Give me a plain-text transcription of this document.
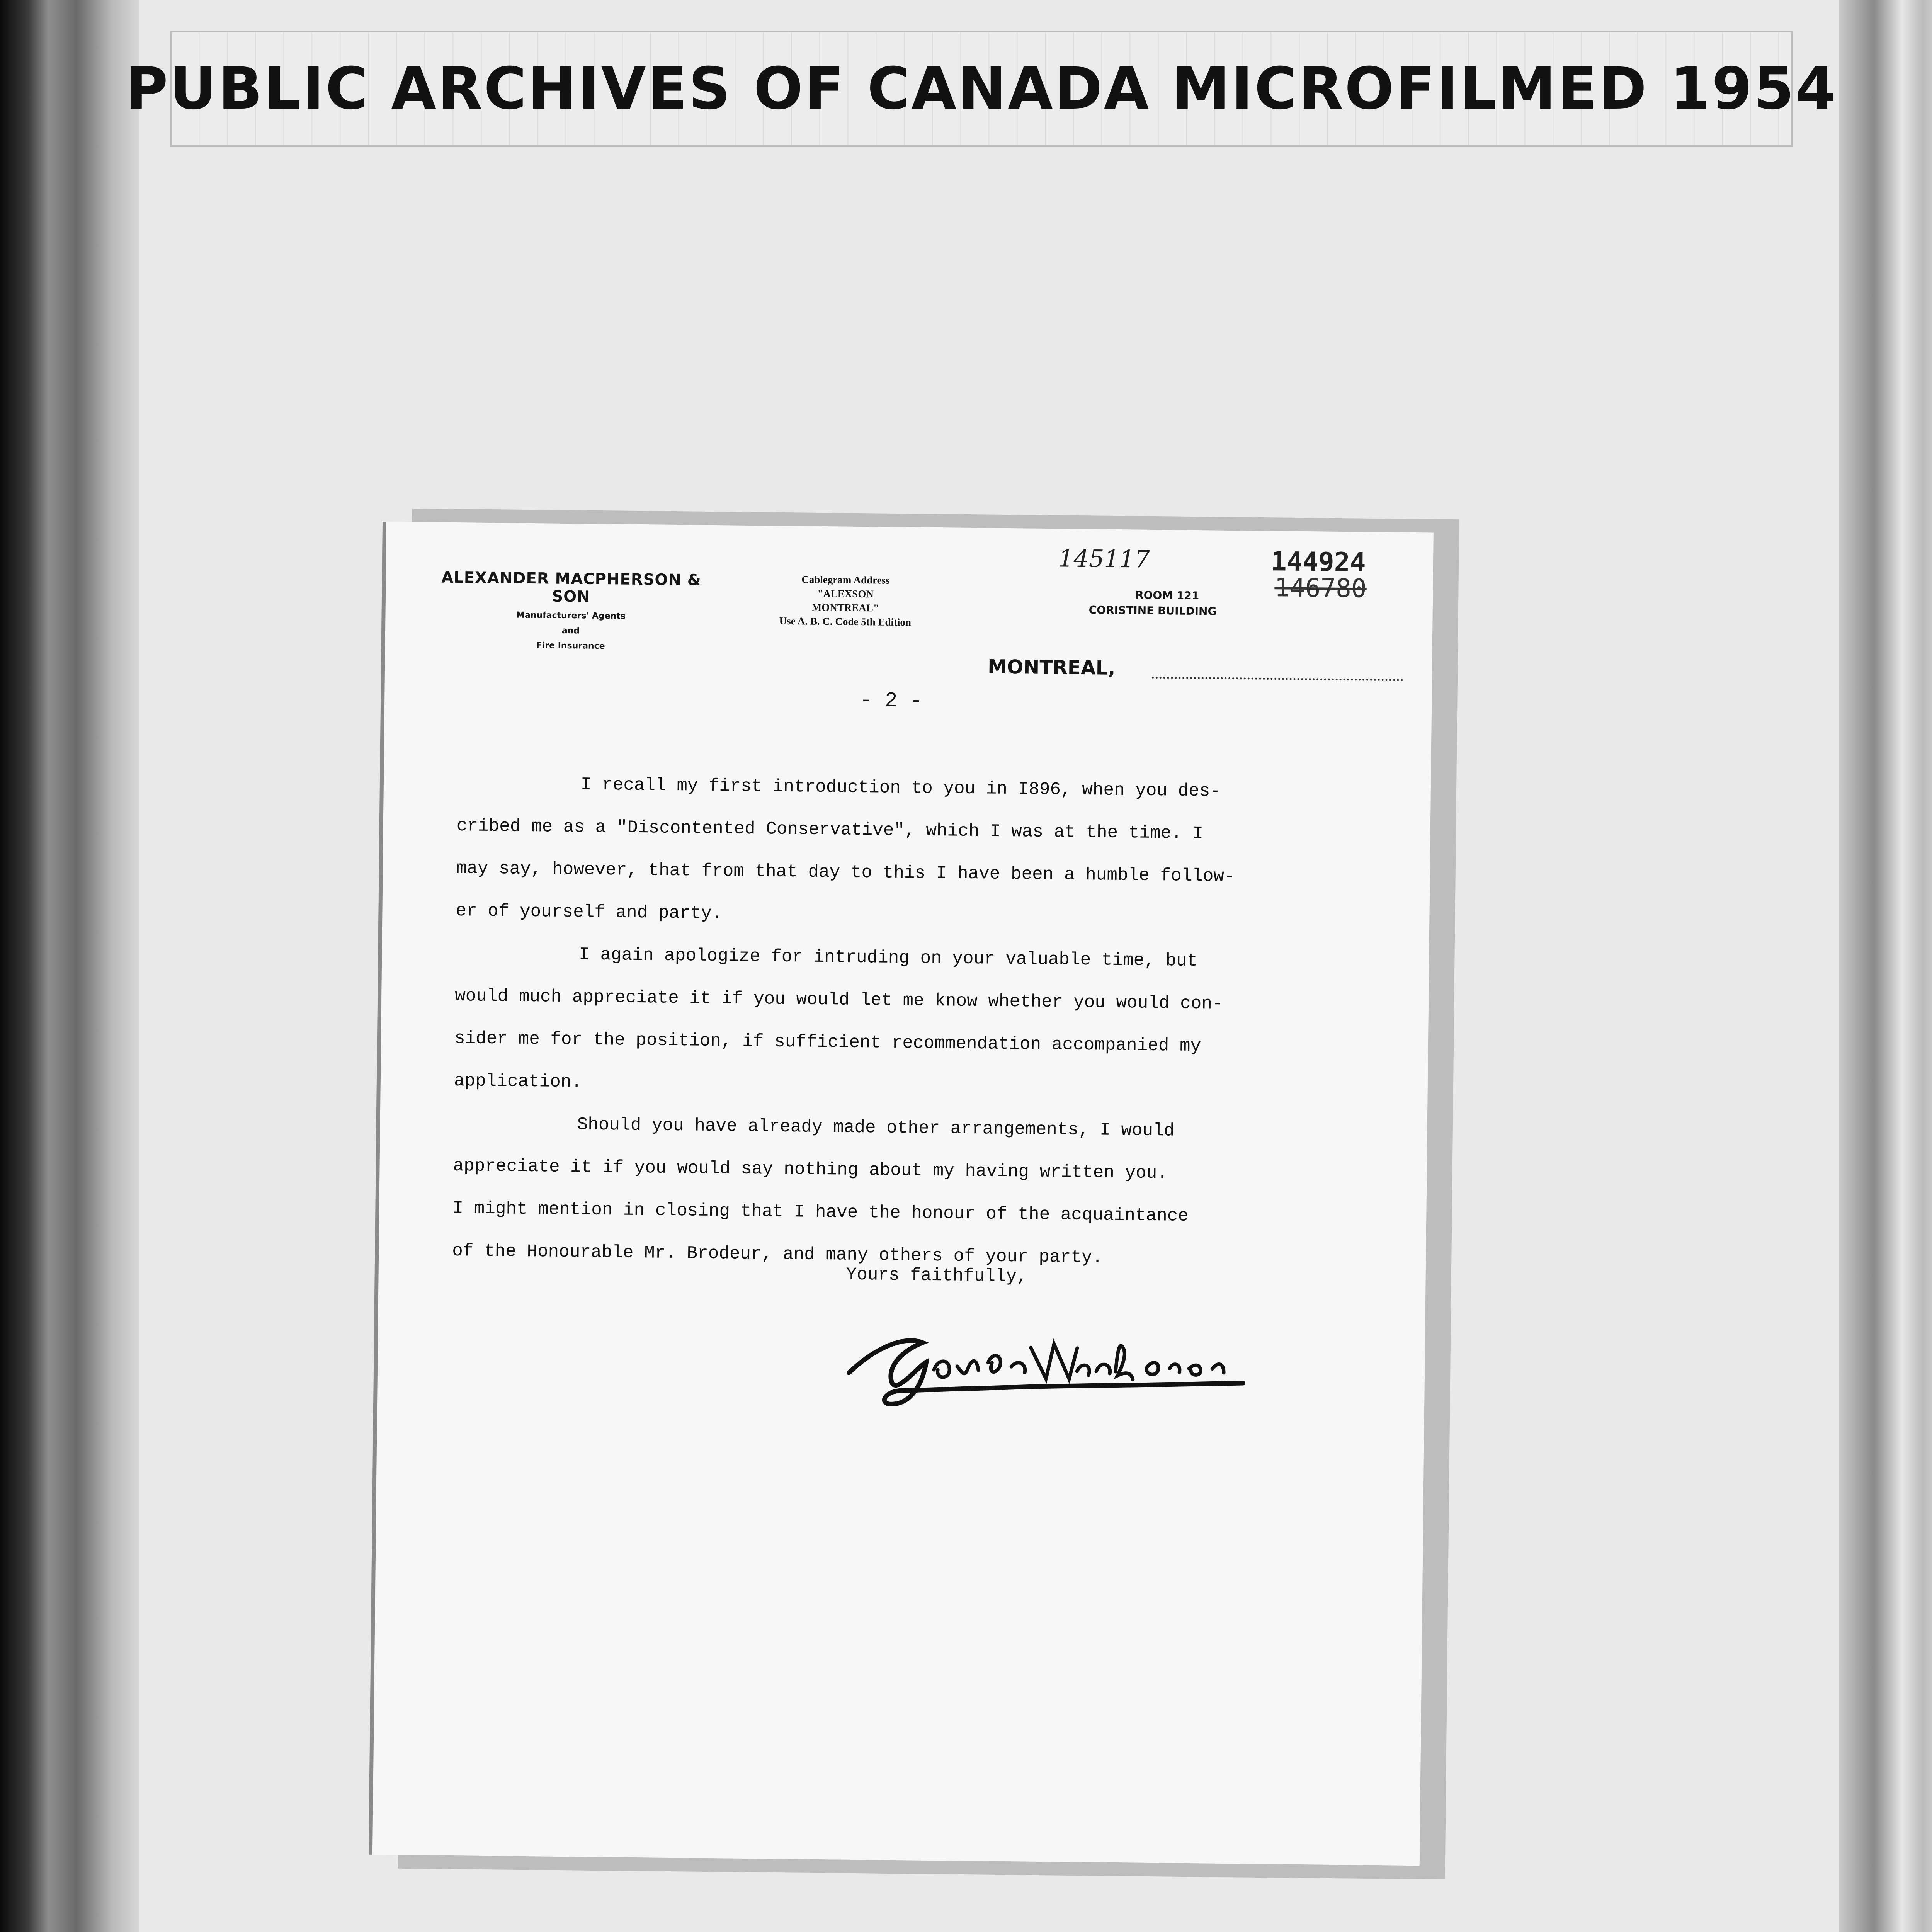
PUBLIC ARCHIVES OF CANADA MICROFILMED 1954
ALEXANDER MACPHERSON & SON
Manufacturers' Agents
and
Fire Insurance
Cablegram Address
"ALEXSON
MONTREAL"
Use A. B. C. Code 5th Edition
145117	144924
146780
ROOM 121
CORISTINE BUILDING
MONTREAL,
- 2 -
I recall my first introduction to you in I896, when you des-
cribed me as a "Discontented Conservative", which I was at the time. I
may say, however, that from that day to this I have been a humble follow-
er of yourself and party.
I again apologize for intruding on your valuable time, but
would much appreciate it if you would let me know whether you would con-
sider me for the position, if sufficient recommendation accompanied my
application.
Should you have already made other arrangements, I would
appreciate it if you would say nothing about my having written you.
I might mention in closing that I have the honour of the acquaintance
of the Honourable Mr. Brodeur, and many others of your party.
Yours faithfully,
